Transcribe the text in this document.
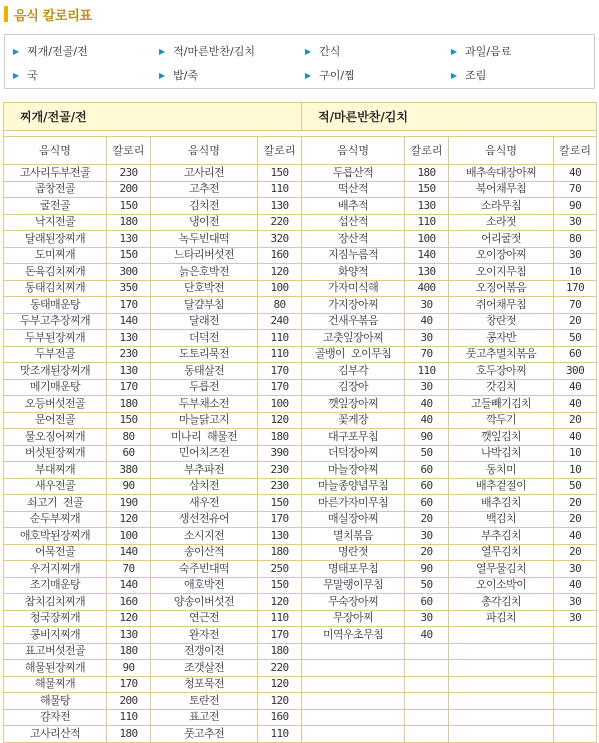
음식 칼로리표
▶ 찌개/전골/전	▶ 적/마른반찬/김치	▶ 간식	▶ 과일/음료
▶ 국	▶ 밥/죽	▶ 구이/찜	▶ 조림
찌개/전골/전				적/마른반찬/김치			

음식명	칼로리	음식명	칼로리	음식명	칼로리	음식명	칼로리
고사리두부전골	230	고사리전	150	두릅산적	180	배추속대장아찌	40
곱창전골	200	고추전	110	떡산적	150	북어채무침	70
굴전골	150	김치전	130	배추적	130	소라무침	90
낙지전골	180	냉이전	220	섭산적	110	소라젓	30
달래된장찌개	130	녹두빈대떡	320	장산적	100	어리굴젓	80
도미찌개	150	느타리버섯전	160	지짐누름적	140	오이장아찌	30
돈육김치찌개	300	늙은호박전	120	화양적	130	오이지무침	10
동태김치찌개	350	단호박전	100	가자미식해	400	오징어볶음	170
동태매운탕	170	달걀부침	80	가지장아찌	30	쥐어채무침	70
두부고추장찌개	140	달래전	240	건새우볶음	40	창란젓	20
두부된장찌개	130	더덕전	110	고춧잎장아찌	30	콩자반	50
두부전골	230	도토리묵전	110	골뱅이 오이무침	70	풋고추멸치볶음	60
맛조개된장찌개	130	동태살전	170	김부각	110	호두장아찌	300
메기매운탕	170	두릅전	170	김장아	30	갓김치	40
오등버섯전골	180	두부채소전	100	깻잎장아찌	40	고들빼기김치	40
문어전골	150	마늘닭고지	120	꽃게장	40	깍두기	20
물오징어찌개	80	미나리 해물전	180	대구포무침	90	깻잎김치	40
버섯된장찌개	60	민어치즈전	390	더덕장아찌	50	나박김치	10
부대찌개	380	부추파전	230	마늘장아찌	60	동치미	10
새우전골	90	삼치전	230	마늘종양념무침	60	배추겉절이	50
쇠고기 전골	190	새우전	150	마른가자미무침	60	배추김치	20
순두부찌개	120	생선전유어	170	매실장아찌	20	백김치	20
애호박된장찌개	100	소시지전	130	멸치볶음	30	부추김치	40
어묵전골	140	송이산적	180	명란젓	20	열무김치	20
우거지찌개	70	숙주빈대떡	250	명태포무침	90	열무물김치	30
조기매운탕	140	애호박전	150	무말랭이무침	50	오이소박이	40
참치김치찌개	160	양송이버섯전	120	무숙장아찌	60	총각김치	30
청국장찌개	120	연근전	110	무장아찌	30	파김치	30
콩비지찌개	130	완자전	170	미역우초무침	40		
표고버섯전골	180	전갱이전	180				
해물된장찌개	90	조갯살전	220				
해물찌개	170	청포묵전	120				
해물탕	200	토란전	120				
감자전	110	표고전	160				
고사리산적	180	풋고추전	110				
